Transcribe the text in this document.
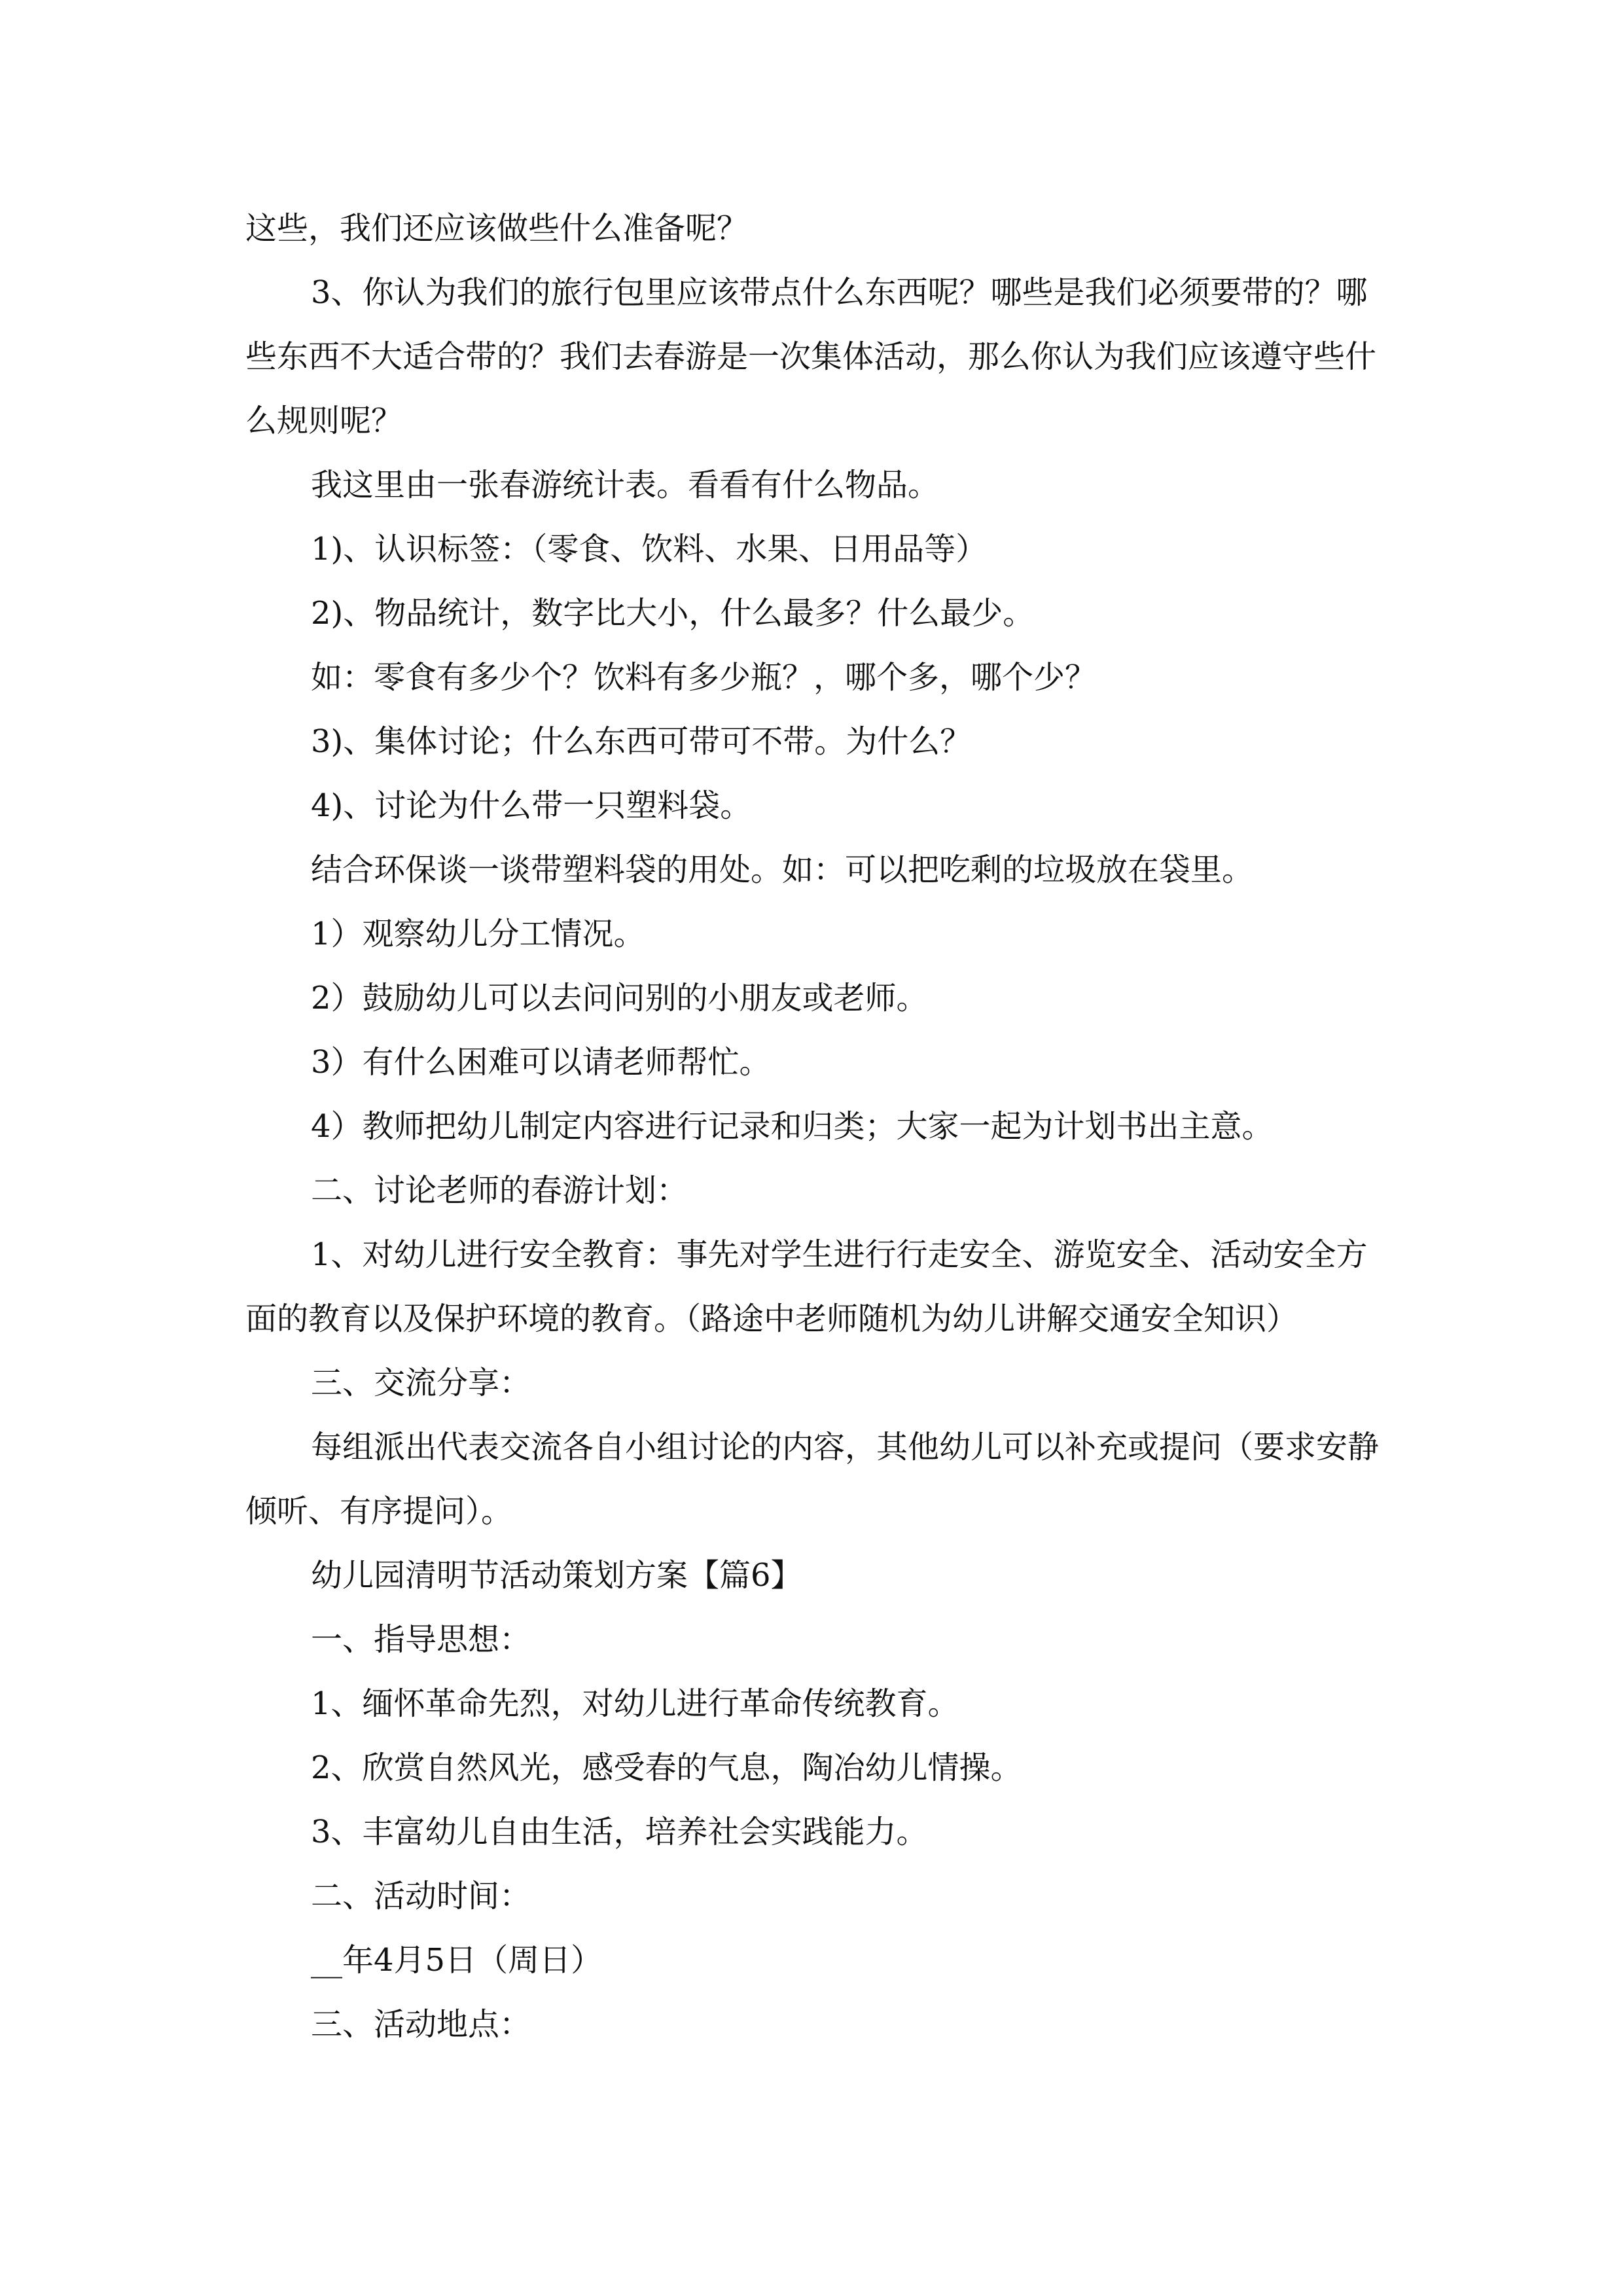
这些，我们还应该做些什么准备呢？

3、你认为我们的旅行包里应该带点什么东西呢？哪些是我们必须要带的？哪些东西不大适合带的？我们去春游是一次集体活动，那么你认为我们应该遵守些什么规则呢？

我这里由一张春游统计表。看看有什么物品。

1)、认识标签：（零食、饮料、水果、日用品等）

2)、物品统计，数字比大小，什么最多？什么最少。

如：零食有多少个？饮料有多少瓶？，哪个多，哪个少？

3)、集体讨论；什么东西可带可不带。为什么？

4)、讨论为什么带一只塑料袋。

结合环保谈一谈带塑料袋的用处。如：可以把吃剩的垃圾放在袋里。

1）观察幼儿分工情况。

2）鼓励幼儿可以去问问别的小朋友或老师。

3）有什么困难可以请老师帮忙。

4）教师把幼儿制定内容进行记录和归类；大家一起为计划书出主意。

二、讨论老师的春游计划：

1、对幼儿进行安全教育：事先对学生进行行走安全、游览安全、活动安全方面的教育以及保护环境的教育。（路途中老师随机为幼儿讲解交通安全知识）

三、交流分享：

每组派出代表交流各自小组讨论的内容，其他幼儿可以补充或提问（要求安静倾听、有序提问）。

幼儿园清明节活动策划方案【篇6】

一、指导思想：

1、缅怀革命先烈，对幼儿进行革命传统教育。

2、欣赏自然风光，感受春的气息，陶冶幼儿情操。

3、丰富幼儿自由生活，培养社会实践能力。

二、活动时间：

__年4月5日（周日）

三、活动地点：
